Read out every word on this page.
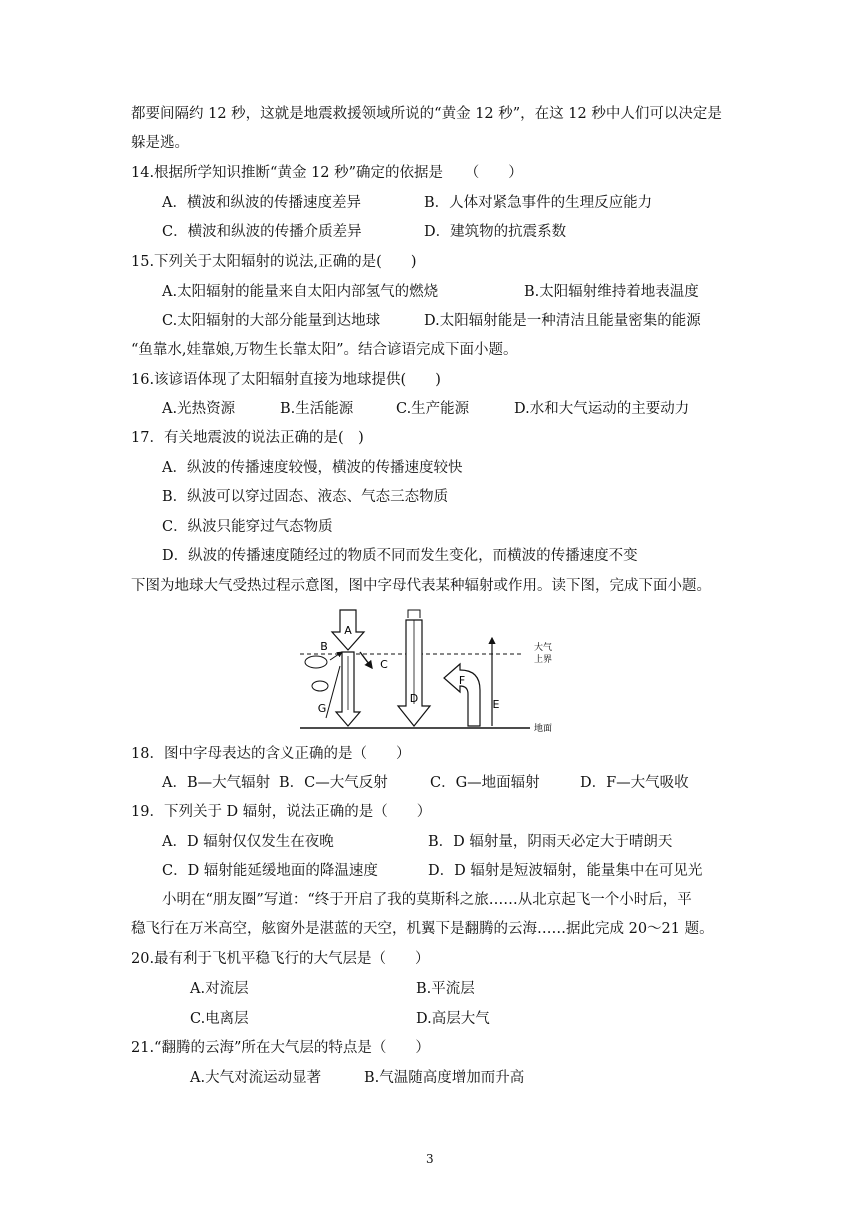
都要间隔约 12 秒，这就是地震救援领域所说的“黄金 12 秒”，在这 12 秒中人们可以决定是
躲是逃。
14.根据所学知识推断“黄金 12 秒”确定的依据是　　（　　）
A．横波和纵波的传播速度差异	B．人体对紧急事件的生理反应能力
C．横波和纵波的传播介质差异	D．建筑物的抗震系数
15.下列关于太阳辐射的说法,正确的是(　　)
A.太阳辐射的能量来自太阳内部氢气的燃烧	B.太阳辐射维持着地表温度
C.太阳辐射的大部分能量到达地球	D.太阳辐射能是一种清洁且能量密集的能源
“鱼靠水,娃靠娘,万物生长靠太阳”。结合谚语完成下面小题。
16.该谚语体现了太阳辐射直接为地球提供(　　)
A.光热资源	B.生活能源	C.生产能源	D.水和大气运动的主要动力
17．有关地震波的说法正确的是(　)
A．纵波的传播速度较慢，横波的传播速度较快
B．纵波可以穿过固态、液态、气态三态物质
C．纵波只能穿过气态物质
D．纵波的传播速度随经过的物质不同而发生变化，而横波的传播速度不变
下图为地球大气受热过程示意图，图中字母代表某种辐射或作用。读下图，完成下面小题。
A
B
C
D	E
F
G
大气
上界
地面
18．图中字母表达的含义正确的是（　　）
A．B—大气辐射 B．C—大气反射	C．G—地面辐射	D．F—大气吸收
19．下列关于 D 辐射，说法正确的是（　　）
A．D 辐射仅仅发生在夜晚	B．D 辐射量，阴雨天必定大于晴朗天
C．D 辐射能延缓地面的降温速度	D．D 辐射是短波辐射，能量集中在可见光
小明在“朋友圈”写道：“终于开启了我的莫斯科之旅……从北京起飞一个小时后，平
稳飞行在万米高空，舷窗外是湛蓝的天空，机翼下是翻腾的云海……据此完成 20～21 题。
20.最有利于飞机平稳飞行的大气层是（　　）
A.对流层	B.平流层
C.电离层	D.高层大气
21.“翻腾的云海”所在大气层的特点是（　　）
A.大气对流运动显著	B.气温随高度增加而升高
3
